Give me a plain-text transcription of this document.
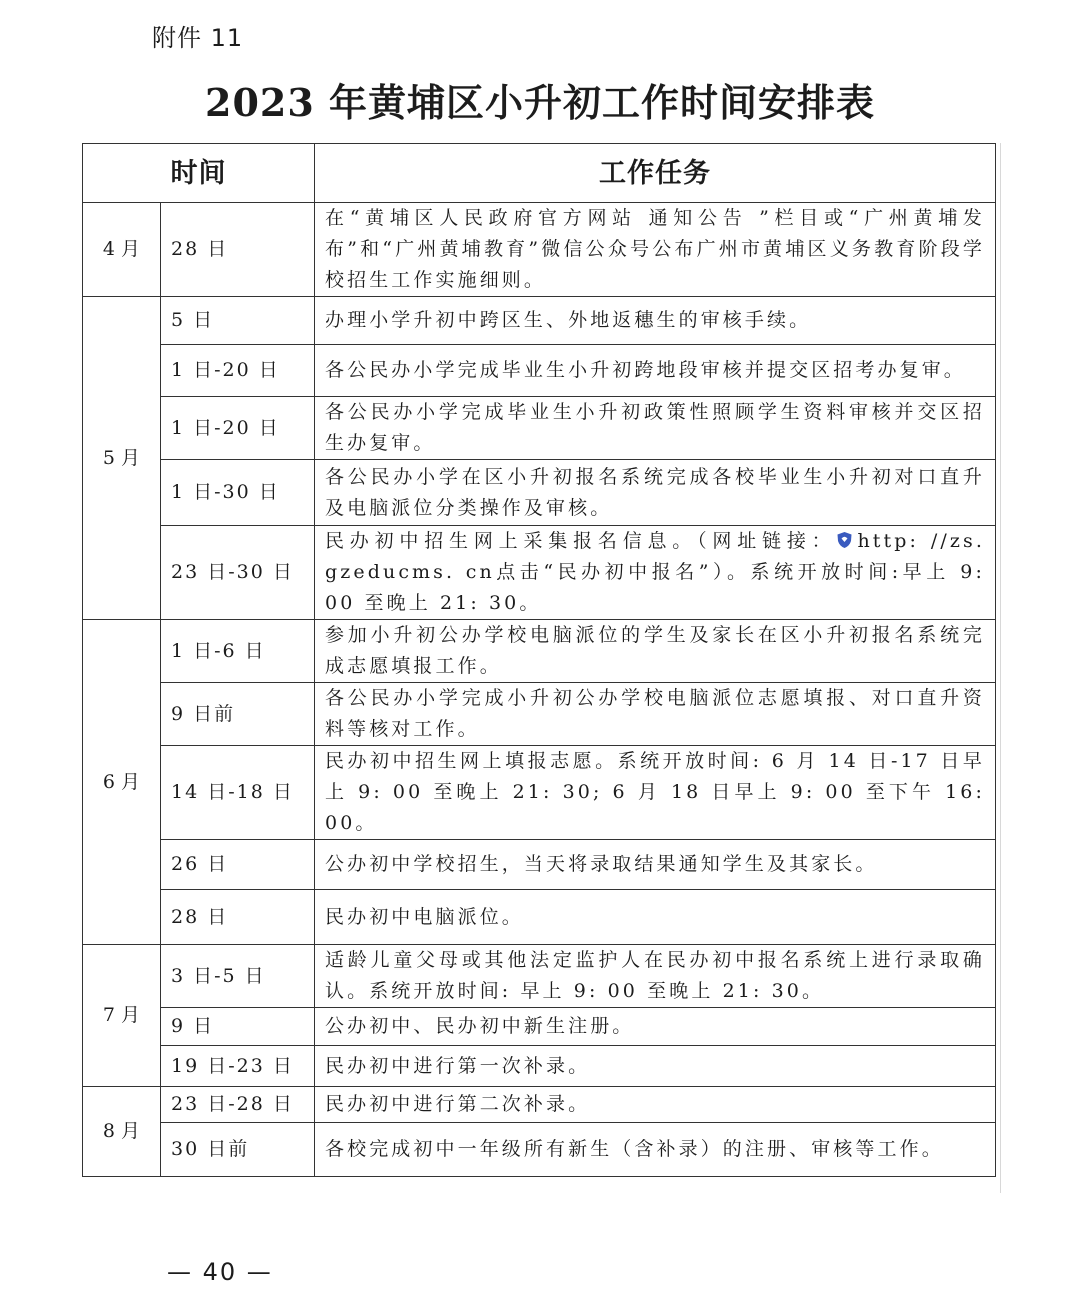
附件 11
2023 年黄埔区小升初工作时间安排表
时间		工作任务
4 月	28 日	在“黄埔区人民政府官方网站 通知公告 ”栏目或“广州黄埔发布”和“广州黄埔教育”微信公众号公布广州市黄埔区义务教育阶段学校招生工作实施细则。
5 月	5 日	办理小学升初中跨区生、外地返穗生的审核手续。
	1 日-20 日	各公民办小学完成毕业生小升初跨地段审核并提交区招考办复审。
	1 日-20 日	各公民办小学完成毕业生小升初政策性照顾学生资料审核并交区招生办复审。
	1 日-30 日	各公民办小学在区小升初报名系统完成各校毕业生小升初对口直升及电脑派位分类操作及审核。
	23 日-30 日	民办初中招生网上采集报名信息。（网址链接： http: //zs. gzeducms. cn点击“民办初中报名”）。系统开放时间:早上 9: 00 至晚上 21: 30。
6 月	1 日-6 日	参加小升初公办学校电脑派位的学生及家长在区小升初报名系统完成志愿填报工作。
	9 日前	各公民办小学完成小升初公办学校电脑派位志愿填报、对口直升资料等核对工作。
	14 日-18 日	民办初中招生网上填报志愿。系统开放时间: 6 月 14 日-17 日早上 9: 00 至晚上 21: 30; 6 月 18 日早上 9: 00 至下午 16: 00。
	26 日	公办初中学校招生，当天将录取结果通知学生及其家长。
	28 日	民办初中电脑派位。
7 月	3 日-5 日	适龄儿童父母或其他法定监护人在民办初中报名系统上进行录取确认。系统开放时间: 早上 9: 00 至晚上 21: 30。
	9 日	公办初中、民办初中新生注册。
	19 日-23 日	民办初中进行第一次补录。
8 月	23 日-28 日	民办初中进行第二次补录。
	30 日前	各校完成初中一年级所有新生（含补录）的注册、审核等工作。
— 40 —
